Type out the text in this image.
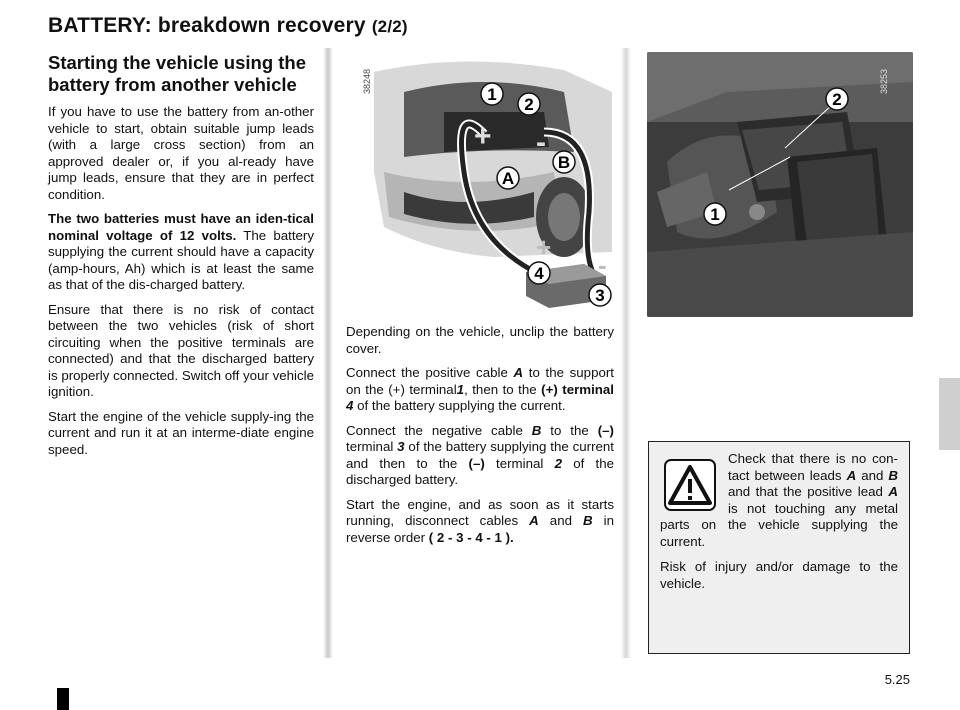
BATTERY: breakdown recovery (2/2)
Starting the vehicle using the battery from another vehicle

If you have to use the battery from an-other vehicle to start, obtain suitable jump leads (with a large cross section) from an approved dealer or, if you al-ready have jump leads, ensure that they are in perfect condition.

The two batteries must have an iden-tical nominal voltage of 12 volts. The battery supplying the current should have a capacity (amp-hours, Ah) which is at least the same as that of the dis-charged battery.

Ensure that there is no risk of contact between the two vehicles (risk of short circuiting when the positive terminals are connected) and that the discharged battery is properly connected. Switch off your vehicle ignition.

Start the engine of the vehicle supply-ing the current and run it at an interme-diate engine speed.

+
-
+ -
1
2
A
B
4
3
38248
2
1
38253

Depending on the vehicle, unclip the battery cover.

Connect the positive cable A to the support on the (+) terminal1, then to the (+) terminal 4 of the battery supplying the current.

Connect the negative cable B to the (–) terminal 3 of the battery supplying the current and then to the (–) terminal 2 of the discharged battery.

Start the engine, and as soon as it starts running, disconnect cables A and B in reverse order ( 2 - 3 - 4 - 1 ).

Check that there is no con-tact between leads A and B and that the positive lead A is not touching any metal parts on the vehicle supplying the current.

Risk of injury and/or damage to the vehicle.

5.25
